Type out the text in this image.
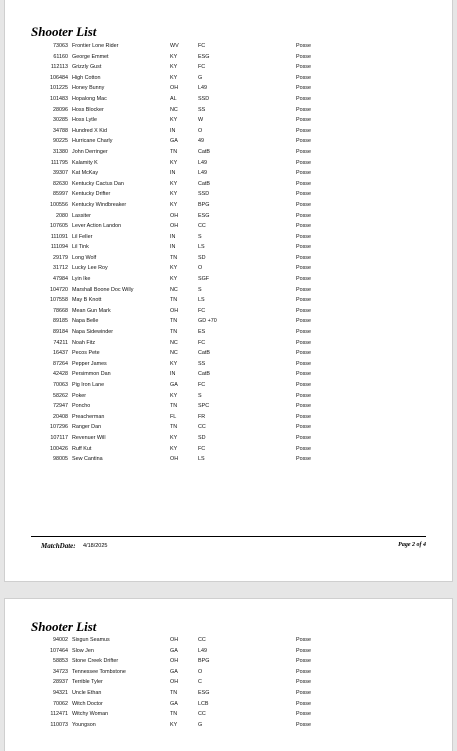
Shooter List
73063 Frontier Lone Rider	WV	FC	Posse
61160 George Emmet	KY	ESG	Posse
112113 Grizzly Gust	KY	FC	Posse
106484 High Cotton	KY	G	Posse
101225 Honey Bunny	OH	L49	Posse
101483 Hopalong Mac	AL	SSD	Posse
28096 Hoss Blocker	NC	SS	Posse
30285 Hoss Lytle	KY	W	Posse
34788 Hundred X Kid	IN	O	Posse
90225 Hurricane Charly	GA	49	Posse
31380 John Derringer	TN	CatB	Posse
111795 Kalamity K	KY	L49	Posse
39307 Kat McKay	IN	L49	Posse
82630 Kentucky Cactus Dan	KY	CatB	Posse
85997 Kentucky Drifter	KY	SSD	Posse
100556 Kentucky Windbreaker	KY	BPG	Posse
2080 Lassiter	OH	ESG	Posse
107605 Lever Action Landon	OH	CC	Posse
111091 Lil Feller	IN	S	Posse
111094 Lil Tink	IN	LS	Posse
29179 Long Wolf	TN	SD	Posse
31712 Lucky Lee Roy	KY	O	Posse
47984 Lyin Ike	KY	SGF	Posse
104720 Marshall Boone Doc Willy	NC	S	Posse
107558 May B Knott	TN	LS	Posse
78668 Mean Gun Mark	OH	FC	Posse
89185 Napa Belle	TN	GD +70	Posse
89184 Napa Sidewinder	TN	ES	Posse
74211 Noah Fitz	NC	FC	Posse
16437 Pecos Pete	NC	CatB	Posse
87264 Pepper James	KY	SS	Posse
42428 Persimmon Dan	IN	CatB	Posse
70063 Pig Iron Lane	GA	FC	Posse
58262 Poker	KY	S	Posse
72947 Poncho	TN	SPC	Posse
20408 Preacherman	FL	FR	Posse
107296 Ranger Dan	TN	CC	Posse
107117 Revenuer Will	KY	SD	Posse
100426 Ruff Kut	KY	FC	Posse
98005 Sew Cantina	OH	LS	Posse
MatchDate: 4/18/2025	Page 2 of 4
Shooter List
94002 Sixgun Seamus	OH	CC	Posse
107464 Slow Jen	GA	L49	Posse
58853 Stone Creek Drifter	OH	BPG	Posse
34723 Tennessee Tombstone	GA	O	Posse
28937 Terrible Tyler	OH	C	Posse
94321 Uncle Ethan	TN	ESG	Posse
70062 Witch Doctor	GA	LCB	Posse
112471 Witchy Woman	TN	CC	Posse
110073 Youngson	KY	G	Posse
